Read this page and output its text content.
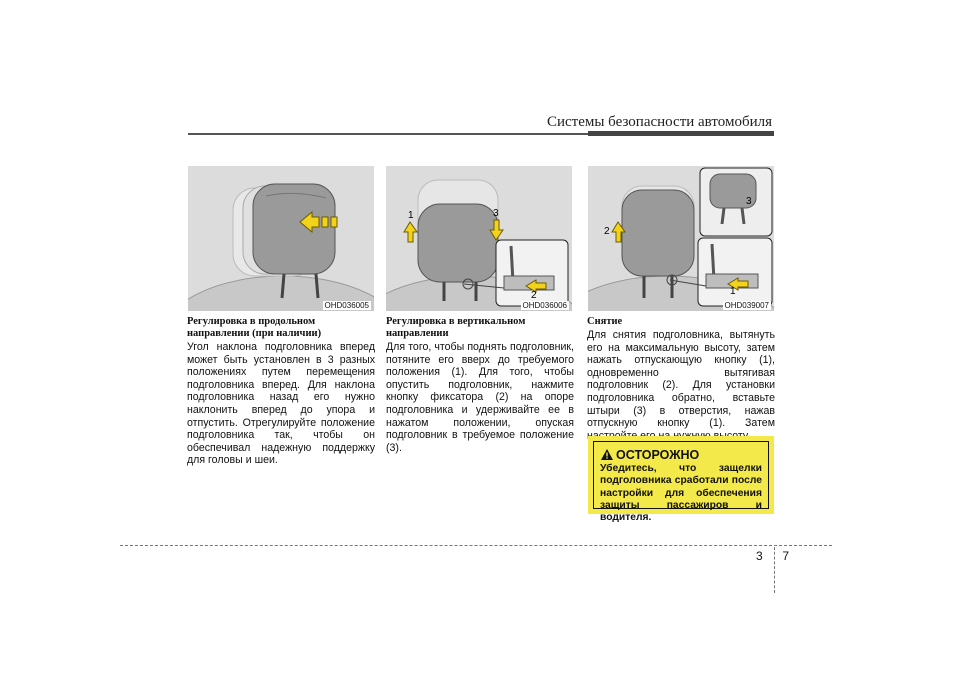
Системы безопасности автомобиля
OHD036005
1	3
2
OHD036006
2
3
1
OHD039007
Регулировка в продольном направлении (при наличии)
Угол наклона подголовника вперед может быть установлен в 3 разных положениях путем перемещения подголовника вперед. Для наклона подголовника назад его нужно наклонить вперед до упора и отпустить. Отрегулируйте положение подголовника так, чтобы он обеспечивал надежную поддержку для головы и шеи.
Регулировка в вертикальном направлении
Для того, чтобы поднять подголовник, потяните его вверх до требуемого положения (1). Для того, чтобы опустить подголовник, нажмите кнопку фиксатора (2) на опоре подголовника и удерживайте ее в нажатом положении, опуская подголовник в требуемое положение (3).
Снятие
Для снятия подголовника, вытянуть его на максимальную высоту, затем нажать отпускающую кнопку (1), одновременно вытягивая подголовник (2). Для установки подголовника обратно, вставьте штыри (3) в отверстия, нажав отпускную кнопку (1). Затем
ОСТОРОЖНО
Убедитесь, что защелки подголовника сработали после настройки для обеспечения защиты пассажиров и водителя.
3 7
